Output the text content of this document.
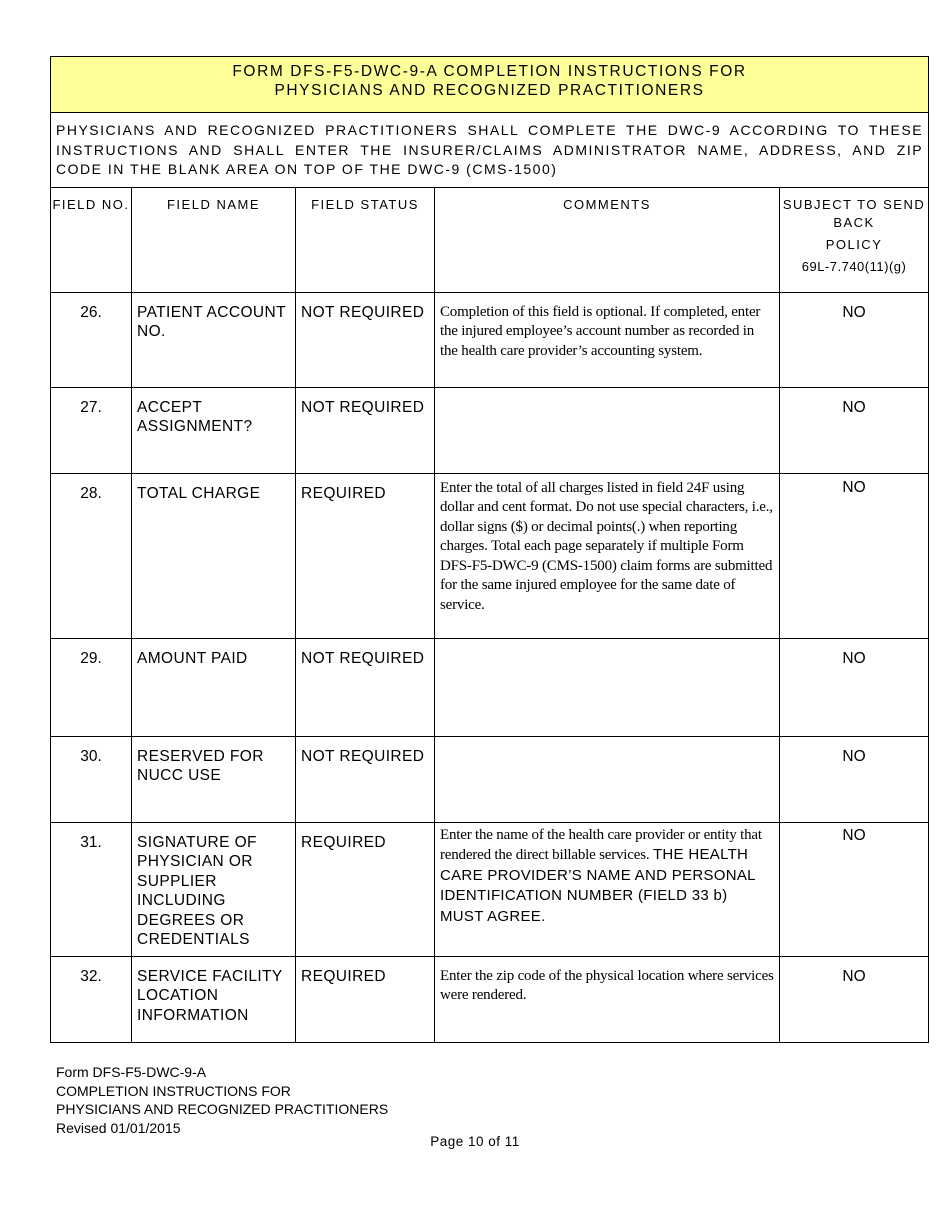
FORM DFS-F5-DWC-9-A COMPLETION INSTRUCTIONS FOR
PHYSICIANS AND RECOGNIZED PRACTITIONERS				

PHYSICIANS AND RECOGNIZED PRACTITIONERS SHALL COMPLETE THE DWC-9 ACCORDING TO THESE INSTRUCTIONS AND SHALL ENTER THE INSURER/CLAIMS ADMINISTRATOR NAME, ADDRESS, AND ZIP CODE IN THE BLANK AREA ON TOP OF THE DWC-9 (CMS-1500)				
FIELD NO.	FIELD NAME	FIELD STATUS	COMMENTS	SUBJECT TO SEND BACK
POLICY
69L-7.740(11)(g)

26.	PATIENT ACCOUNT NO.	NOT REQUIRED	Completion of this field is optional. If completed, enter the injured employee’s account number as recorded in the health care provider’s accounting system.	NO
27.	ACCEPT ASSIGNMENT?	NOT REQUIRED		NO
28.	TOTAL CHARGE	REQUIRED	Enter the total of all charges listed in field 24F using dollar and cent format. Do not use special characters, i.e., dollar signs ($) or decimal points(.) when reporting charges. Total each page separately if multiple Form DFS-F5-DWC-9 (CMS-1500) claim forms are submitted for the same injured employee for the same date of service.	NO
29.	AMOUNT PAID	NOT REQUIRED		NO
30.	RESERVED FOR NUCC USE	NOT REQUIRED		NO
31.	SIGNATURE OF PHYSICIAN OR SUPPLIER INCLUDING DEGREES OR CREDENTIALS	REQUIRED	Enter the name of the health care provider or entity that rendered the direct billable services. THE HEALTH CARE PROVIDER’S NAME AND PERSONAL IDENTIFICATION NUMBER (FIELD 33 b) MUST AGREE.	NO
32.	SERVICE FACILITY LOCATION INFORMATION	REQUIRED	Enter the zip code of the physical location where services were rendered.	NO
Form DFS-F5-DWC-9-A
COMPLETION INSTRUCTIONS FOR
PHYSICIANS AND RECOGNIZED PRACTITIONERS
Revised 01/01/2015
Page 10 of 11
